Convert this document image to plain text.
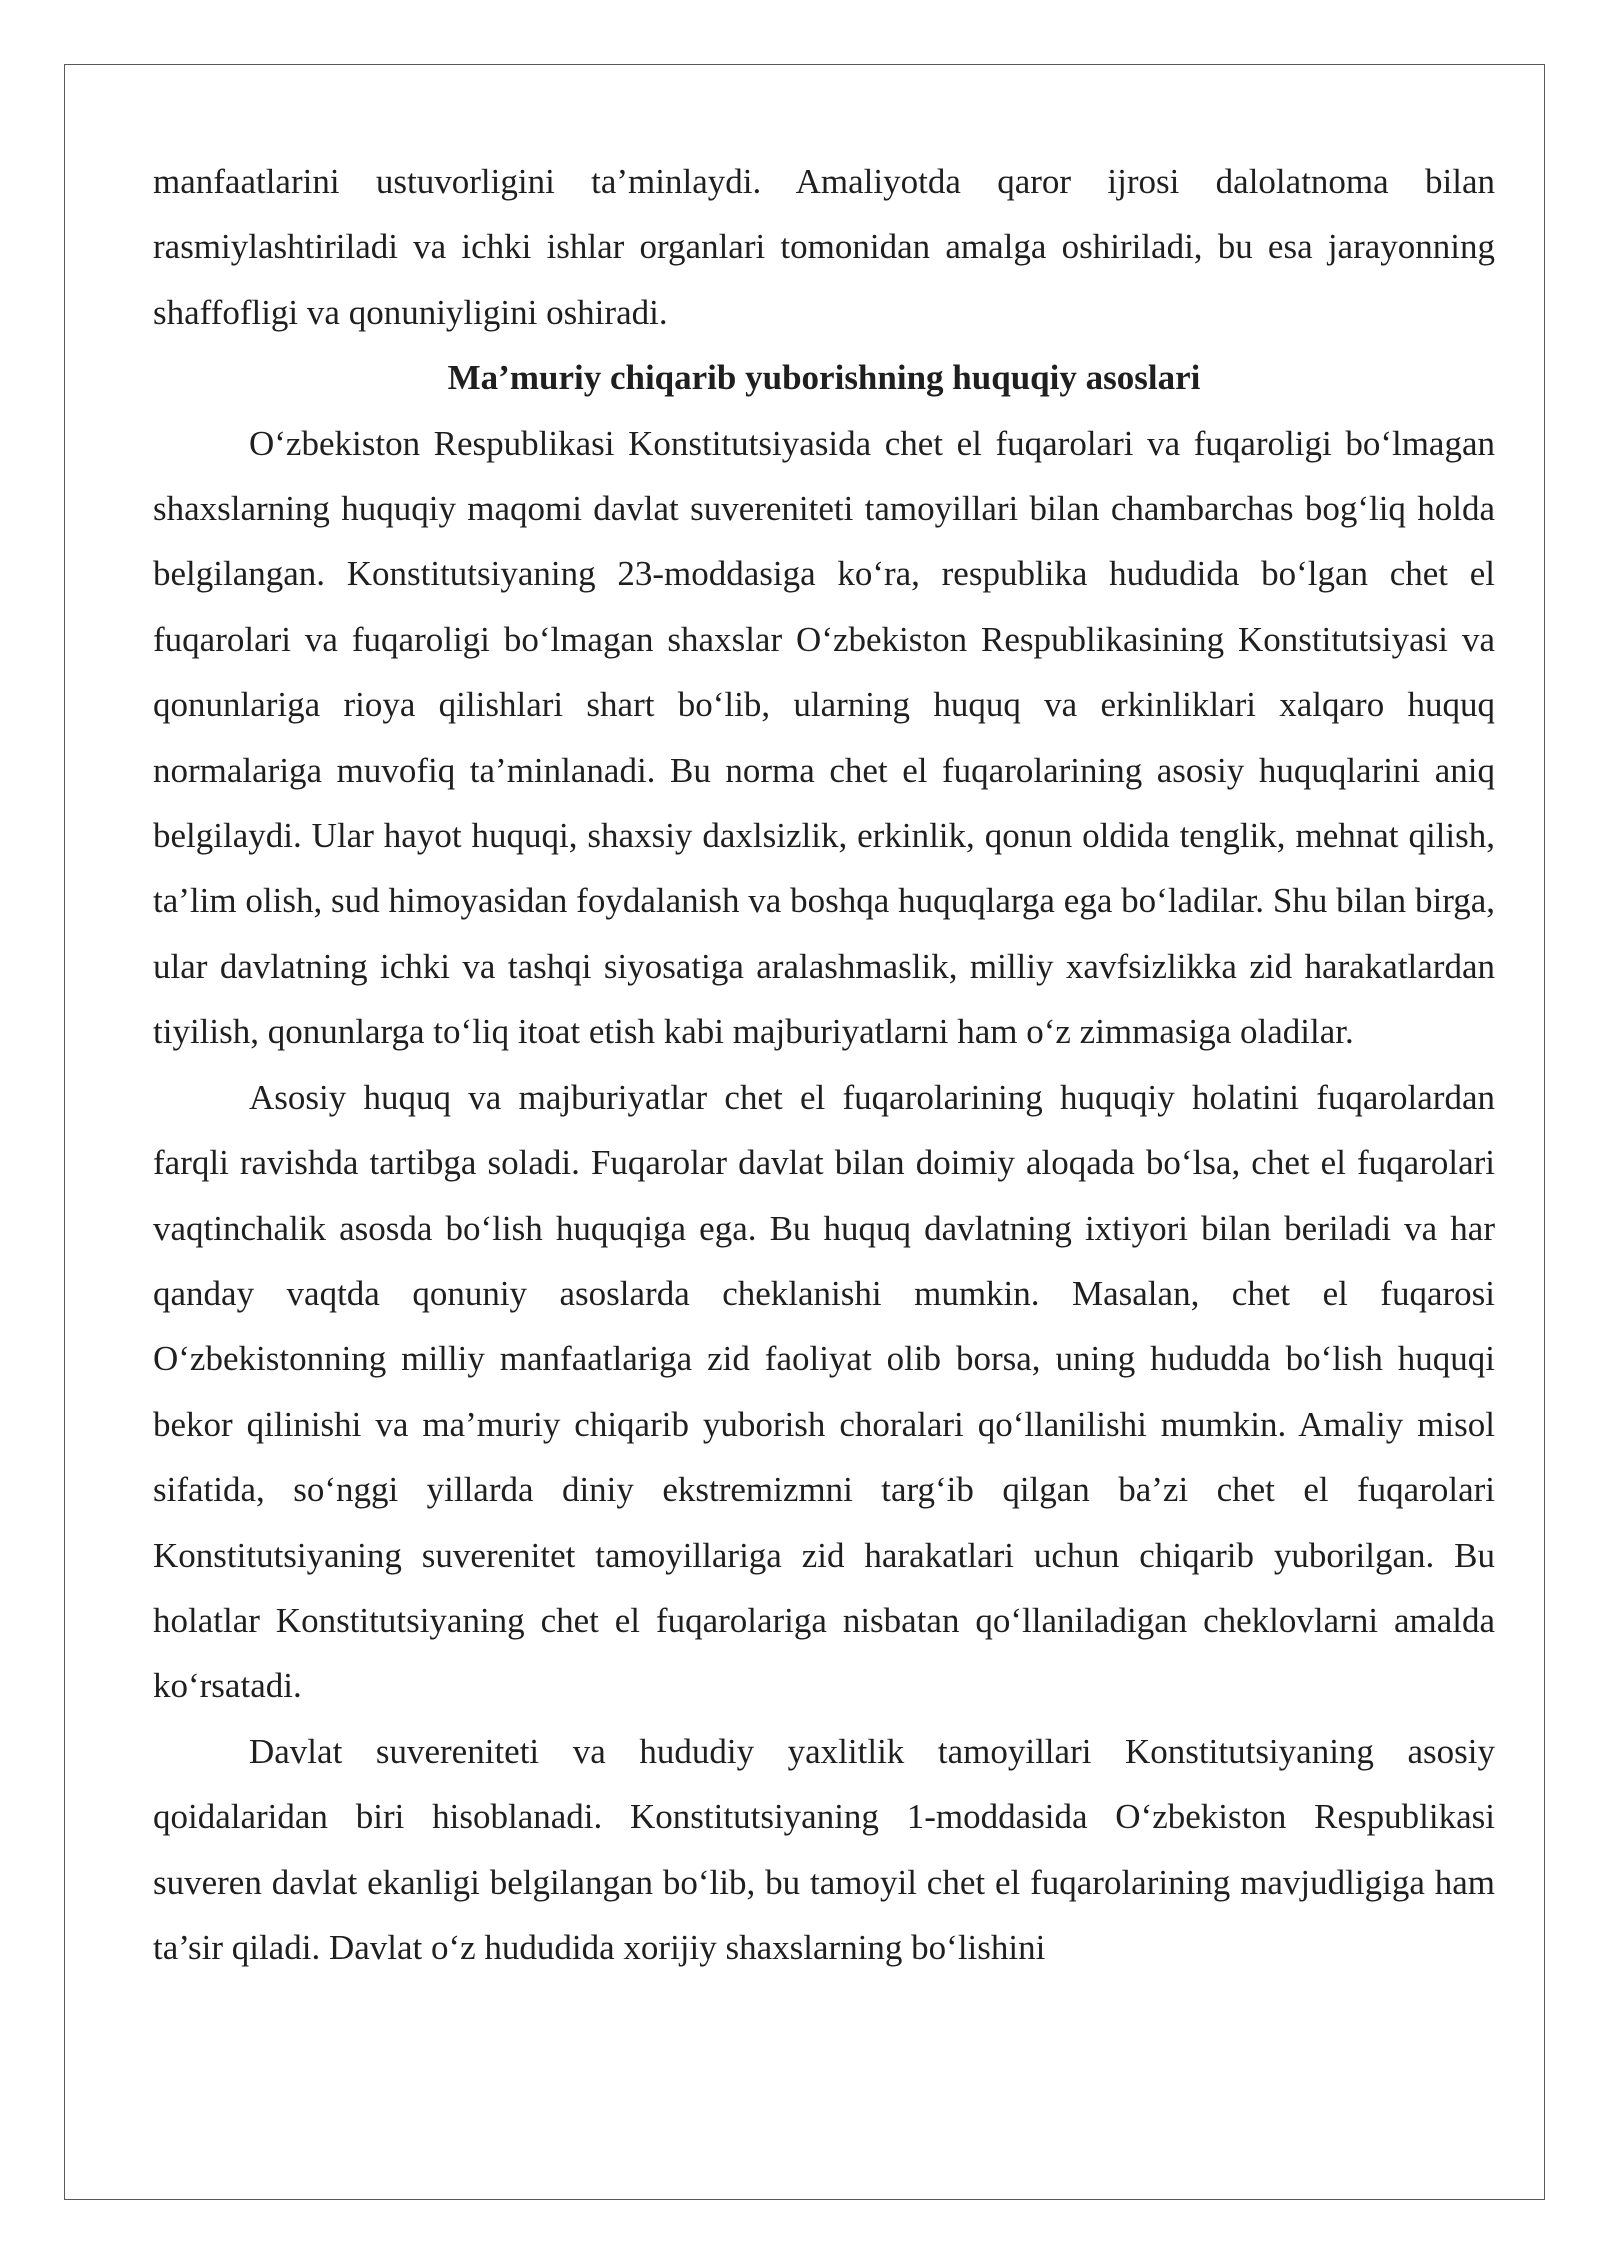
manfaatlarini ustuvorligini ta’minlaydi. Amaliyotda qaror ijrosi dalolatnoma bilan rasmiylashtiriladi va ichki ishlar organlari tomonidan amalga oshiriladi, bu esa jarayonning shaffofligi va qonuniyligini oshiradi.

Ma’muriy chiqarib yuborishning huquqiy asoslari

O‘zbekiston Respublikasi Konstitutsiyasida chet el fuqarolari va fuqaroligi bo‘lmagan shaxslarning huquqiy maqomi davlat suvereniteti tamoyillari bilan chambarchas bog‘liq holda belgilangan. Konstitutsiyaning 23-moddasiga ko‘ra, respublika hududida bo‘lgan chet el fuqarolari va fuqaroligi bo‘lmagan shaxslar O‘zbekiston Respublikasining Konstitutsiyasi va qonunlariga rioya qilishlari shart bo‘lib, ularning huquq va erkinliklari xalqaro huquq normalariga muvofiq ta’minlanadi. Bu norma chet el fuqarolarining asosiy huquqlarini aniq belgilaydi. Ular hayot huquqi, shaxsiy daxlsizlik, erkinlik, qonun oldida tenglik, mehnat qilish, ta’lim olish, sud himoyasidan foydalanish va boshqa huquqlarga ega bo‘ladilar. Shu bilan birga, ular davlatning ichki va tashqi siyosatiga aralashmaslik, milliy xavfsizlikka zid harakatlardan tiyilish, qonunlarga to‘liq itoat etish kabi majburiyatlarni ham o‘z zimmasiga oladilar.

Asosiy huquq va majburiyatlar chet el fuqarolarining huquqiy holatini fuqarolardan farqli ravishda tartibga soladi. Fuqarolar davlat bilan doimiy aloqada bo‘lsa, chet el fuqarolari vaqtinchalik asosda bo‘lish huquqiga ega. Bu huquq davlatning ixtiyori bilan beriladi va har qanday vaqtda qonuniy asoslarda cheklanishi mumkin. Masalan, chet el fuqarosi O‘zbekistonning milliy manfaatlariga zid faoliyat olib borsa, uning hududda bo‘lish huquqi bekor qilinishi va ma’muriy chiqarib yuborish choralari qo‘llanilishi mumkin. Amaliy misol sifatida, so‘nggi yillarda diniy ekstremizmni targ‘ib qilgan ba’zi chet el fuqarolari Konstitutsiyaning suverenitet tamoyillariga zid harakatlari uchun chiqarib yuborilgan. Bu holatlar Konstitutsiyaning chet el fuqarolariga nisbatan qo‘llaniladigan cheklovlarni amalda ko‘rsatadi.

Davlat suvereniteti va hududiy yaxlitlik tamoyillari Konstitutsiyaning asosiy qoidalaridan biri hisoblanadi. Konstitutsiyaning 1-moddasida O‘zbekiston Respublikasi suveren davlat ekanligi belgilangan bo‘lib, bu tamoyil chet el fuqarolarining mavjudligiga ham ta’sir qiladi. Davlat o‘z hududida xorijiy shaxslarning bo‘lishini
